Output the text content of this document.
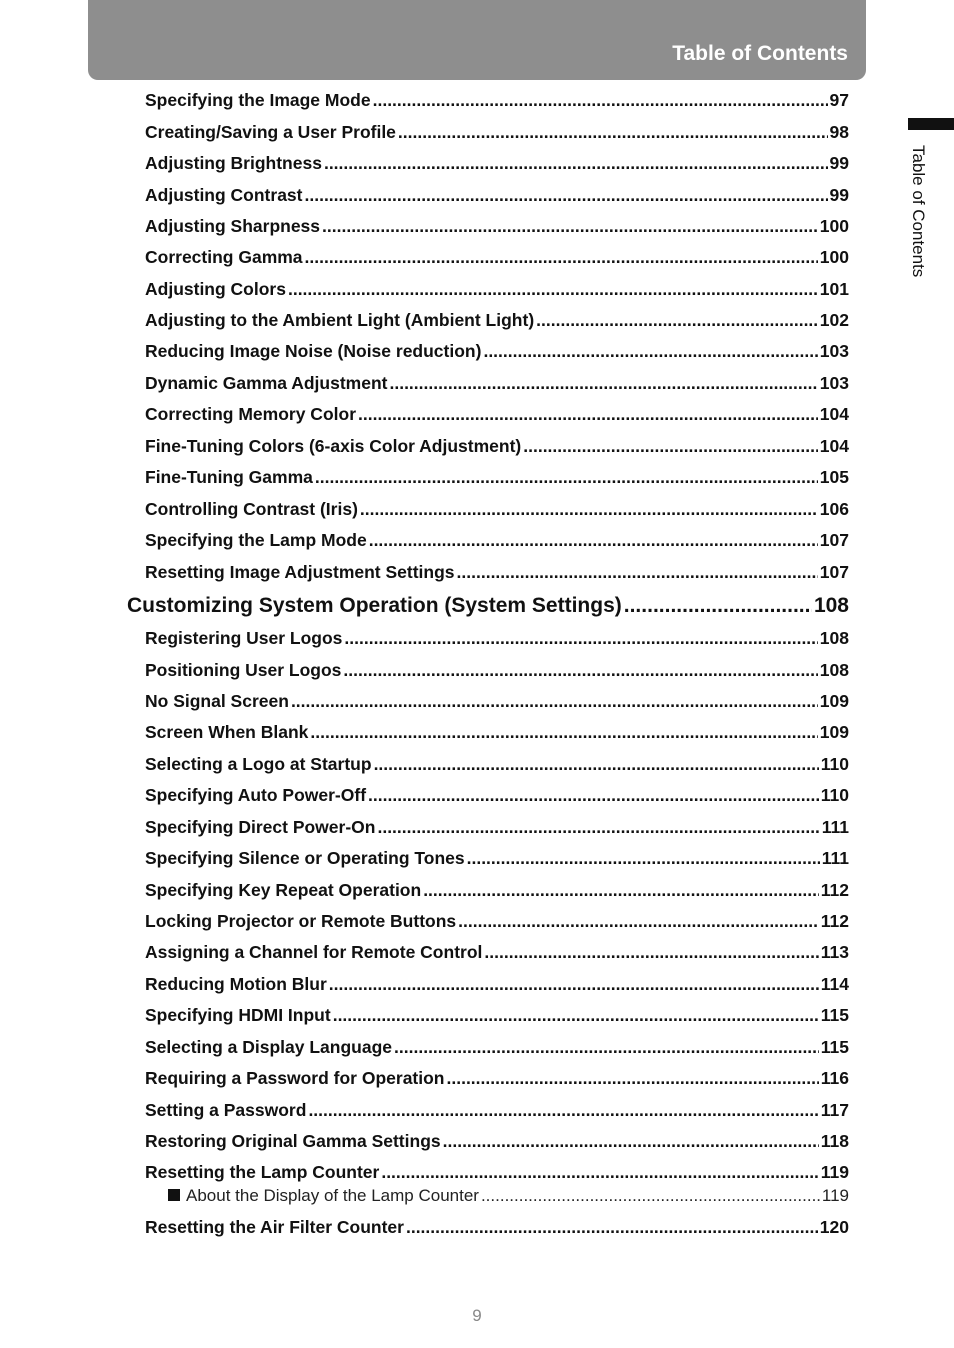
Table of Contents
Table of Contents
Specifying the Image Mode .....	97
Creating/Saving a User Profile .....	98
Adjusting Brightness .....	99
Adjusting Contrast .....	99
Adjusting Sharpness .....	100
Correcting Gamma .....	100
Adjusting Colors .....	101
Adjusting to the Ambient Light (Ambient Light) .....	102
Reducing Image Noise (Noise reduction) .....	103
Dynamic Gamma Adjustment .....	103
Correcting Memory Color .....	104
Fine-Tuning Colors (6-axis Color Adjustment) .....	104
Fine-Tuning Gamma .....	105
Controlling Contrast (Iris) .....	106
Specifying the Lamp Mode .....	107
Resetting Image Adjustment Settings .....	107
Customizing System Operation (System Settings) .....	108
Registering User Logos .....	108
Positioning User Logos .....	108
No Signal Screen .....	109
Screen When Blank .....	109
Selecting a Logo at Startup .....	110
Specifying Auto Power-Off .....	110
Specifying Direct Power-On .....	111
Specifying Silence or Operating Tones .....	111
Specifying Key Repeat Operation .....	112
Locking Projector or Remote Buttons .....	112
Assigning a Channel for Remote Control .....	113
Reducing Motion Blur .....	114
Specifying HDMI Input .....	115
Selecting a Display Language .....	115
Requiring a Password for Operation .....	116
Setting a Password .....	117
Restoring Original Gamma Settings .....	118
Resetting the Lamp Counter .....	119
About the Display of the Lamp Counter .....	119
Resetting the Air Filter Counter .....	120
9
